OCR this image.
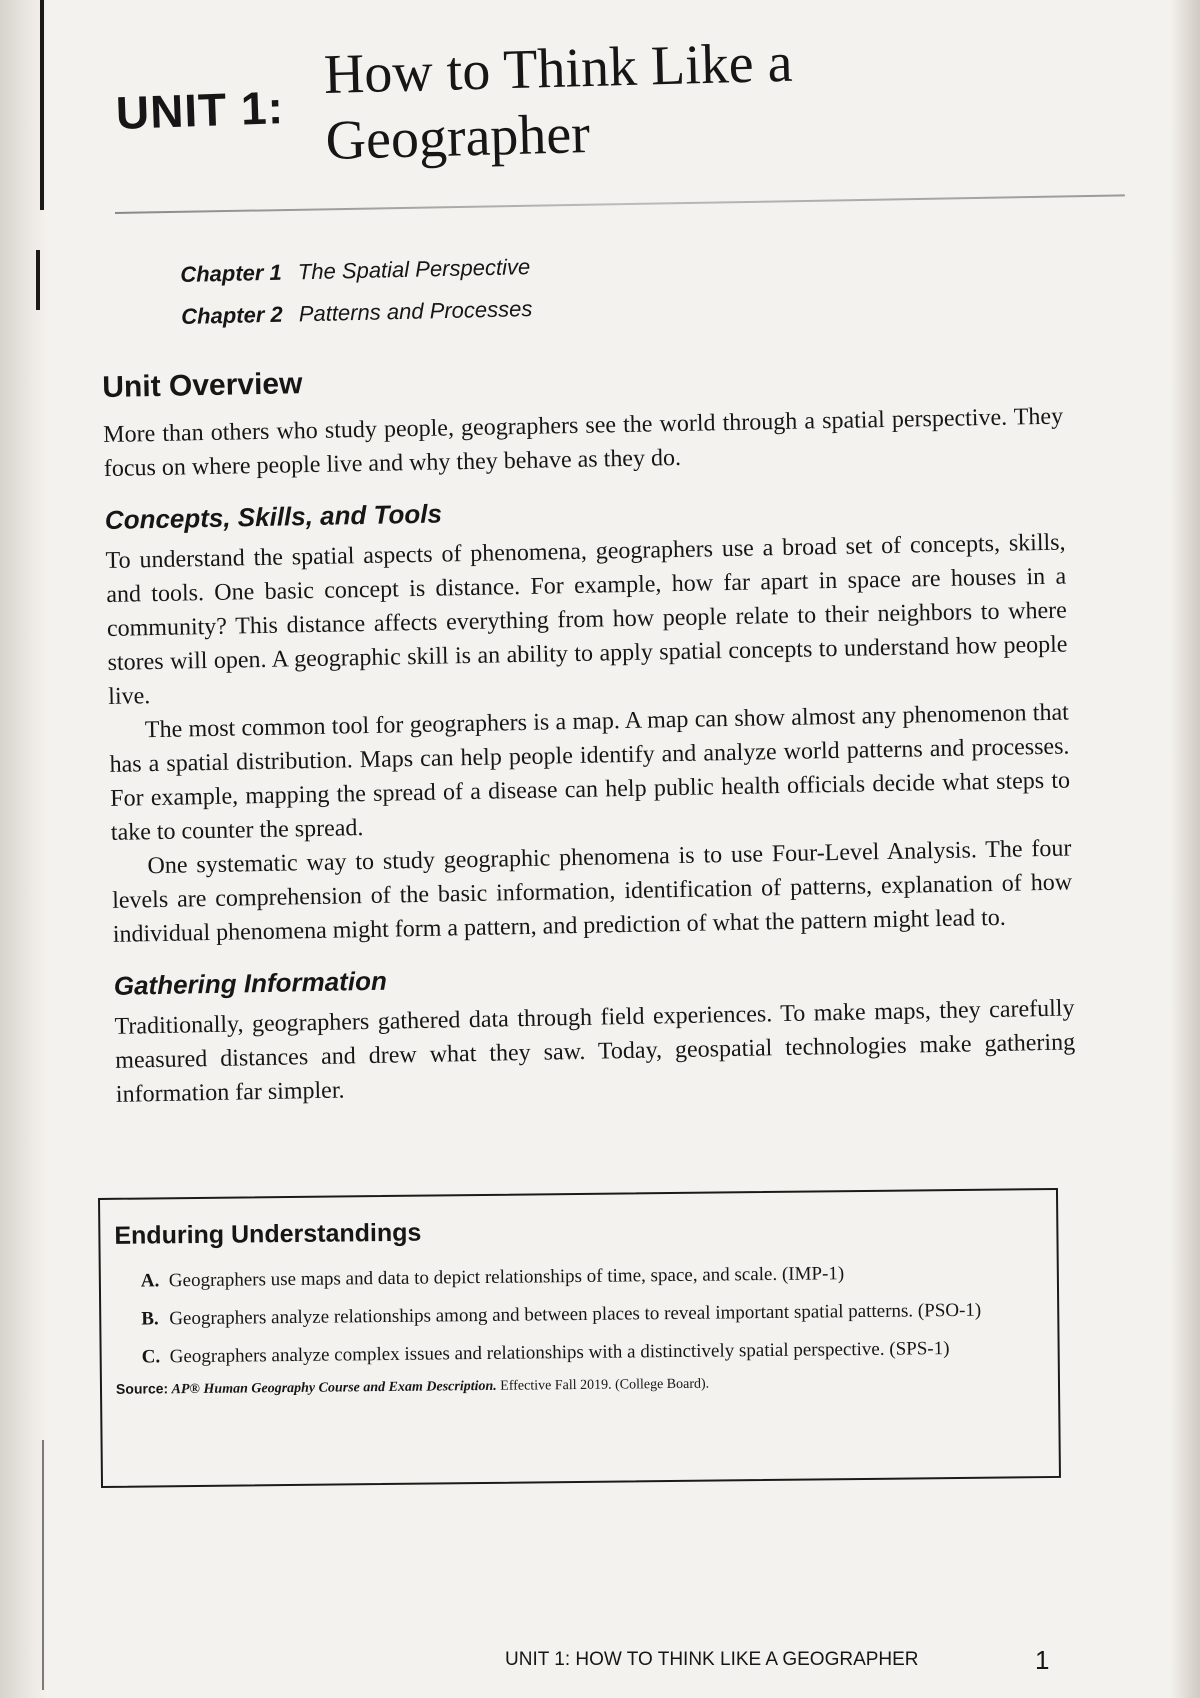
UNIT 1:
How to Think Like a Geographer
Chapter 1 The Spatial Perspective
Chapter 2 Patterns and Processes
Unit Overview

More than others who study people, geographers see the world through a spatial perspective. They focus on where people live and why they behave as they do.

Concepts, Skills, and Tools

To understand the spatial aspects of phenomena, geographers use a broad set of concepts, skills, and tools. One basic concept is distance. For example, how far apart in space are houses in a community? This distance affects everything from how people relate to their neighbors to where stores will open. A geographic skill is an ability to apply spatial concepts to understand how people live.

The most common tool for geographers is a map. A map can show almost any phenomenon that has a spatial distribution. Maps can help people identify and analyze world patterns and processes. For example, mapping the spread of a disease can help public health officials decide what steps to take to counter the spread.

One systematic way to study geographic phenomena is to use Four-Level Analysis. The four levels are comprehension of the basic information, identification of patterns, explanation of how individual phenomena might form a pattern, and prediction of what the pattern might lead to.

Gathering Information

Traditionally, geographers gathered data through field experiences. To make maps, they carefully measured distances and drew what they saw. Today, geospatial technologies make gathering information far simpler.

Enduring Understandings
A. Geographers use maps and data to depict relationships of time, space, and scale. (IMP-1)
B. Geographers analyze relationships among and between places to reveal important spatial patterns. (PSO-1)
C. Geographers analyze complex issues and relationships with a distinctively spatial perspective. (SPS-1)
Source: AP® Human Geography Course and Exam Description. Effective Fall 2019. (College Board).
UNIT 1: HOW TO THINK LIKE A GEOGRAPHER	1
